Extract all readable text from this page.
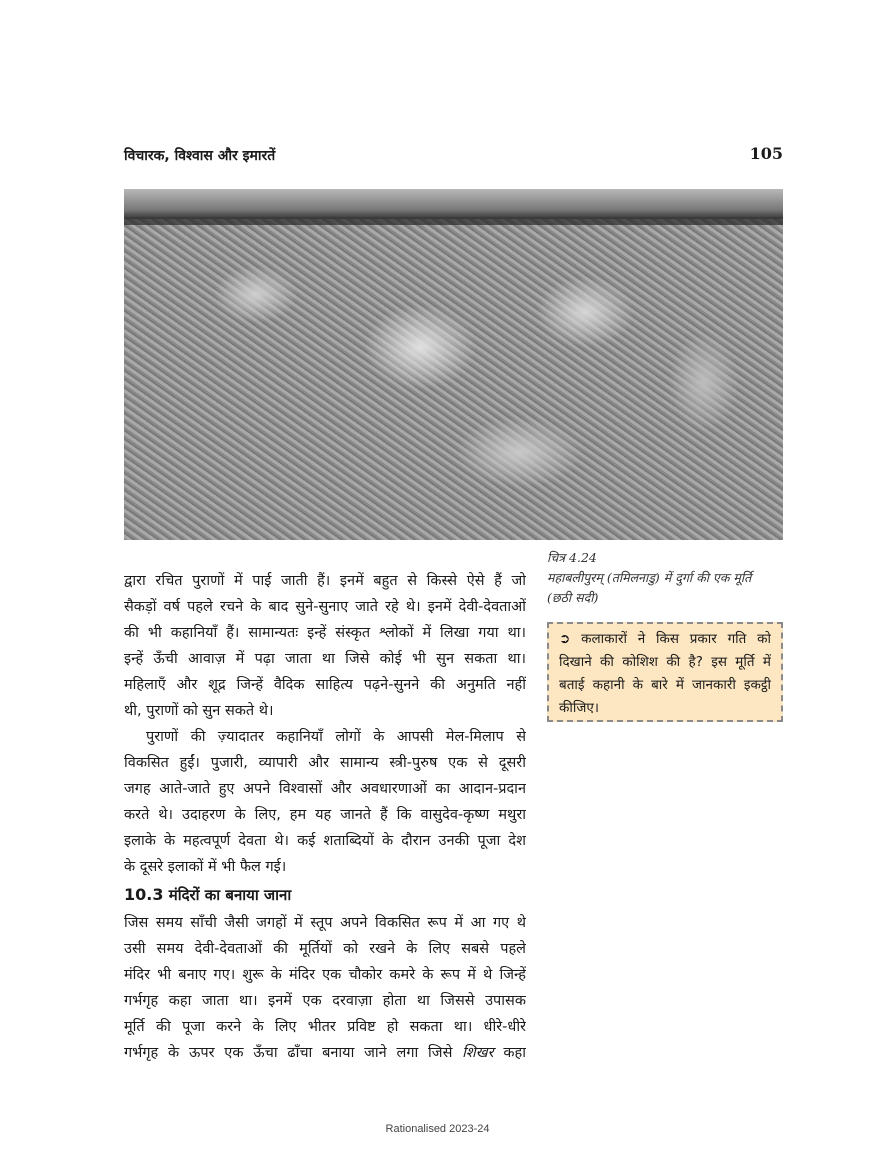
विचारक, विश्वास और इमारतें	105
चित्र 4.24
महाबलीपुरम् (तमिलनाडु) में दुर्गा की एक मूर्ति
(छठी सदी)
➲ कलाकारों ने किस प्रकार गति को
दिखाने की कोशिश की है? इस मूर्ति में
बताई कहानी के बारे में जानकारी इकट्ठी
कीजिए।
द्वारा रचित पुराणों में पाई जाती हैं। इनमें बहुत से किस्से ऐसे हैं जो
सैकड़ों वर्ष पहले रचने के बाद सुने-सुनाए जाते रहे थे। इनमें देवी-देवताओं
की भी कहानियाँ हैं। सामान्यतः इन्हें संस्कृत श्लोकों में लिखा गया था।
इन्हें ऊँची आवाज़ में पढ़ा जाता था जिसे कोई भी सुन सकता था।
महिलाएँ और शूद्र जिन्हें वैदिक साहित्य पढ़ने-सुनने की अनुमति नहीं
थी, पुराणों को सुन सकते थे।
पुराणों की ज़्यादातर कहानियाँ लोगों के आपसी मेल-मिलाप से
विकसित हुईं। पुजारी, व्यापारी और सामान्य स्त्री-पुरुष एक से दूसरी
जगह आते-जाते हुए अपने विश्वासों और अवधारणाओं का आदान-प्रदान
करते थे। उदाहरण के लिए, हम यह जानते हैं कि वासुदेव-कृष्ण मथुरा
इलाके के महत्वपूर्ण देवता थे। कई शताब्दियों के दौरान उनकी पूजा देश
के दूसरे इलाकों में भी फैल गई।
10.3 मंदिरों का बनाया जाना
जिस समय साँची जैसी जगहों में स्तूप अपने विकसित रूप में आ गए थे
उसी समय देवी-देवताओं की मूर्तियों को रखने के लिए सबसे पहले
मंदिर भी बनाए गए। शुरू के मंदिर एक चौकोर कमरे के रूप में थे जिन्हें
गर्भगृह कहा जाता था। इनमें एक दरवाज़ा होता था जिससे उपासक
मूर्ति की पूजा करने के लिए भीतर प्रविष्ट हो सकता था। धीरे-धीरे
गर्भगृह के ऊपर एक ऊँचा ढाँचा बनाया जाने लगा जिसे शिखर कहा
Rationalised 2023-24
